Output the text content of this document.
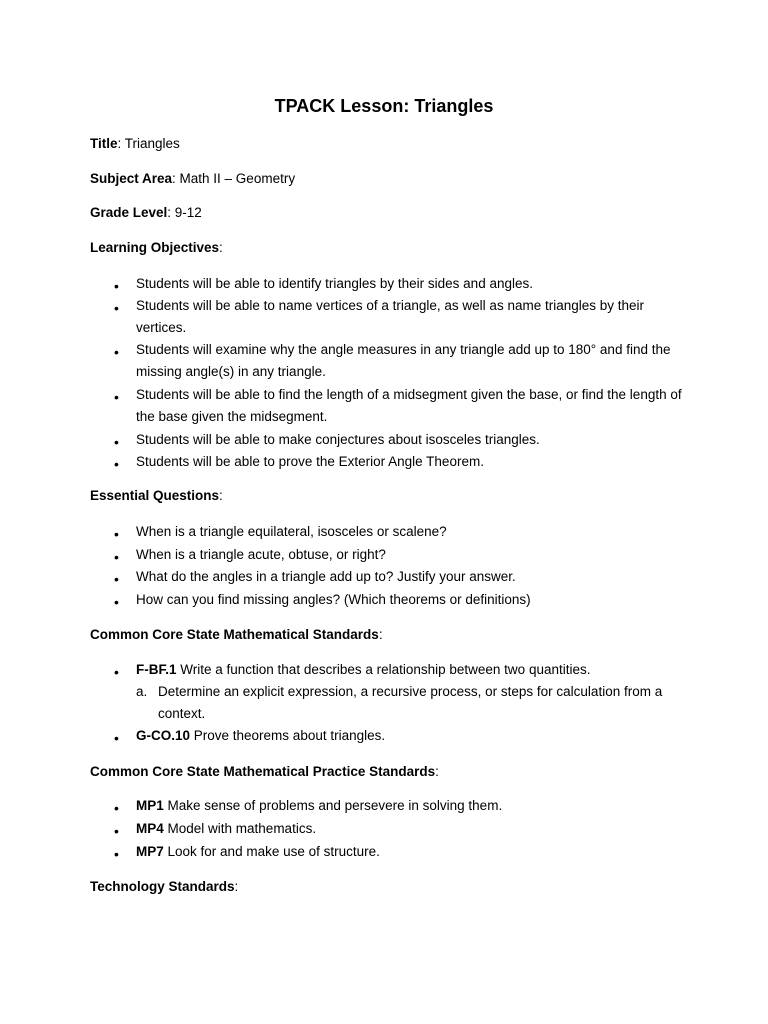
TPACK Lesson: Triangles
Title: Triangles
Subject Area: Math II – Geometry
Grade Level: 9-12
Learning Objectives:
• Students will be able to identify triangles by their sides and angles.
• Students will be able to name vertices of a triangle, as well as name triangles by their vertices.
• Students will examine why the angle measures in any triangle add up to 180° and find the missing angle(s) in any triangle.
• Students will be able to find the length of a midsegment given the base, or find the length of the base given the midsegment.
• Students will be able to make conjectures about isosceles triangles.
• Students will be able to prove the Exterior Angle Theorem.
Essential Questions:
• When is a triangle equilateral, isosceles or scalene?
• When is a triangle acute, obtuse, or right?
• What do the angles in a triangle add up to? Justify your answer.
• How can you find missing angles? (Which theorems or definitions)
Common Core State Mathematical Standards:
• F-BF.1 Write a function that describes a relationship between two quantities.
a. Determine an explicit expression, a recursive process, or steps for calculation from a context.
• G-CO.10 Prove theorems about triangles.
Common Core State Mathematical Practice Standards:
• MP1 Make sense of problems and persevere in solving them.
• MP4 Model with mathematics.
• MP7 Look for and make use of structure.
Technology Standards:
